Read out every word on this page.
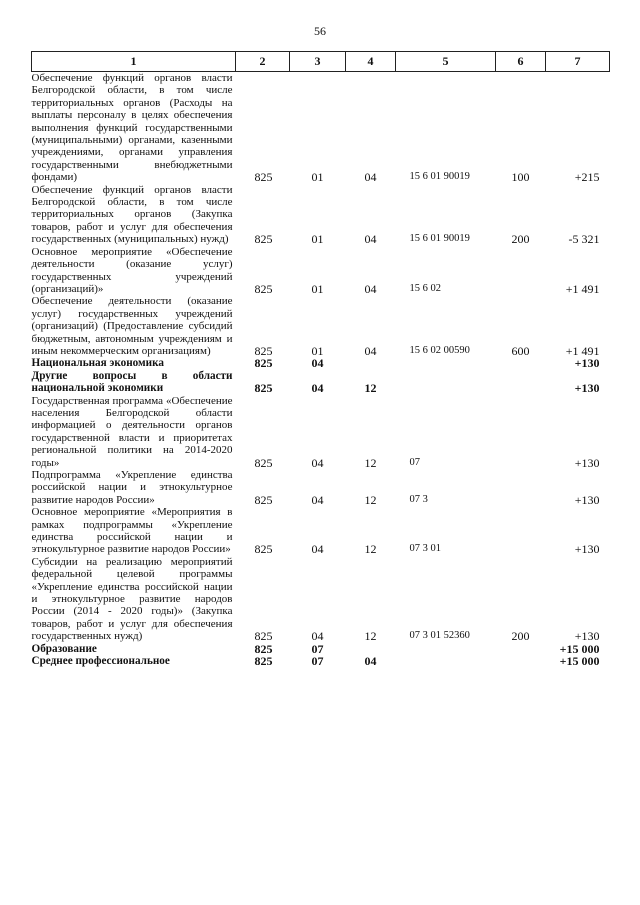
56
1	2	3	4	5	6	7
Обеспечение функций органов власти Белгородской области, в том числе территориальных органов (Расходы на выплаты персоналу в целях обеспечения выполнения функций государственными (муниципальными) органами, казенными учреждениями, органами управления государственными внебюджетными фондами)	825	01	04	15 6 01 90019	100	+215
Обеспечение функций органов власти Белгородской области, в том числе территориальных органов (Закупка товаров, работ и услуг для обеспечения государственных (муниципальных) нужд)	825	01	04	15 6 01 90019	200	-5 321
Основное мероприятие «Обеспечение деятельности (оказание услуг) государственных учреждений (организаций)»	825	01	04	15 6 02		+1 491
Обеспечение деятельности (оказание услуг) государственных учреждений (организаций) (Предоставление субсидий бюджетным, автономным учреждениям и иным некоммерческим организациям)	825	01	04	15 6 02 00590	600	+1 491
Национальная экономика	825	04				+130
Другие вопросы в области национальной экономики	825	04	12			+130
Государственная программа «Обеспечение населения Белгородской области информацией о деятельности органов государственной власти и приоритетах региональной политики на 2014-2020 годы»	825	04	12	07		+130
Подпрограмма «Укрепление единства российской нации и этнокультурное развитие народов России»	825	04	12	07 3		+130
Основное мероприятие «Мероприятия в рамках подпрограммы «Укрепление единства российской нации и этнокультурное развитие народов России»	825	04	12	07 3 01		+130
Субсидии на реализацию мероприятий федеральной целевой программы «Укрепление единства российской нации и этнокультурное развитие народов России (2014 - 2020 годы)» (Закупка товаров, работ и услуг для обеспечения государственных нужд)	825	04	12	07 3 01 52360	200	+130
Образование	825	07				+15 000
Среднее профессиональное	825	07	04			+15 000
